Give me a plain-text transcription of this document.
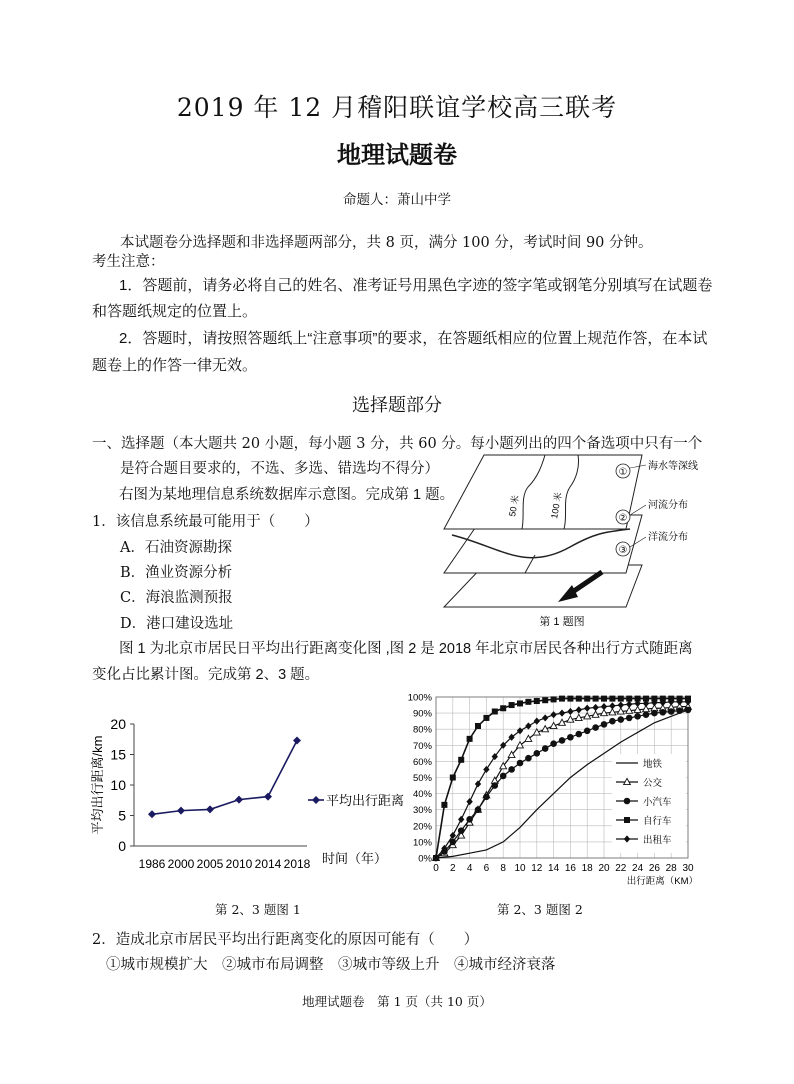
2019 年 12 月稽阳联谊学校高三联考
地理试题卷
命题人：萧山中学
本试题卷分选择题和非选择题两部分，共 8 页，满分 100 分，考试时间 90 分钟。
考生注意：
1．答题前，请务必将自己的姓名、准考证号用黑色字迹的签字笔或钢笔分别填写在试题卷
和答题纸规定的位置上。
2．答题时，请按照答题纸上“注意事项”的要求，在答题纸相应的位置上规范作答，在本试
题卷上的作答一律无效。
选择题部分
一、选择题（本大题共 20 小题，每小题 3 分，共 60 分。每小题列出的四个备选项中只有一个
是符合题目要求的，不选、多选、错选均不得分）
右图为某地理信息系统数据库示意图。完成第 1 题。
1．该信息系统最可能用于（　　）
A．石油资源勘探
B．渔业资源分析
C．海浪监测预报
D．港口建设选址
50 米	100 米
①
②
③
海水等深线
河流分布
洋流分布
第 1 题图
图 1 为北京市居民日平均出行距离变化图 ,图 2 是 2018 年北京市居民各种出行方式随距离
变化占比累计图。完成第 2、3 题。
0
5
10
15
20
平均出行距离/km
1986 2000 2005 2010 2014 2018
平均出行距离
时间（年）
第 2、3 题图 1
0%
10%
20%
30%
40%
50%
60%
70%
80%
90%
100%
0 2 4 6 8 10 12 14 16 18 20 22 24 26 28 30
出行距离（KM）
地铁
公交
小汽车
自行车
出租车
第 2、3 题图 2
2．造成北京市居民平均出行距离变化的原因可能有（　　）
①城市规模扩大　②城市布局调整　③城市等级上升　④城市经济衰落
地理试题卷　第 1 页（共 10 页）
